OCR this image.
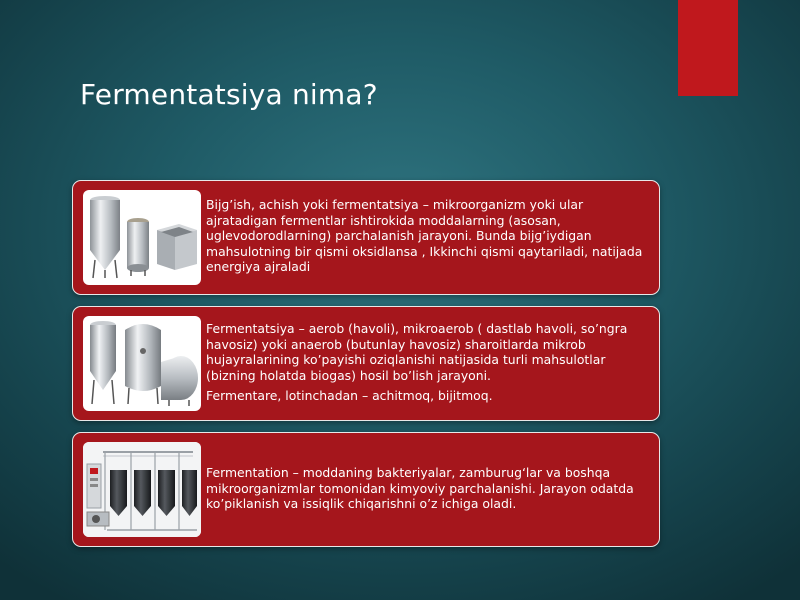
Fermentatsiya nima?

Bijɡ’ish, achish yoki fermentatsiya – mikroorganizm yoki ular ajratadigan fermentlar ishtirokida moddalarning (asosan, uglevodorodlarning) parchalanish jarayoni. Bunda bijɡ’iydigan mahsulotning bir qismi oksidlansa , Ikkinchi qismi qaytariladi, natijada energiya ajraladi

Fermentatsiya – aerob (havoli), mikroaerob ( dastlab havoli, so’ngra havosiz) yoki anaerob (butunlay havosiz) sharoitlarda mikrob hujayralarining ko’payishi oziqlanishi natijasida turli mahsulotlar (bizning holatda biogas) hosil bo’lish jarayoni.

Fermentare, lotinchadan – achitmoq, bijitmoq.

Fermentation – moddaning bakteriyalar, zamburug‘lar va boshqa mikroorganizmlar tomonidan kimyoviy parchalanishi. Jarayon odatda ko’piklanish va issiqlik chiqarishni o’z ichiga oladi.
